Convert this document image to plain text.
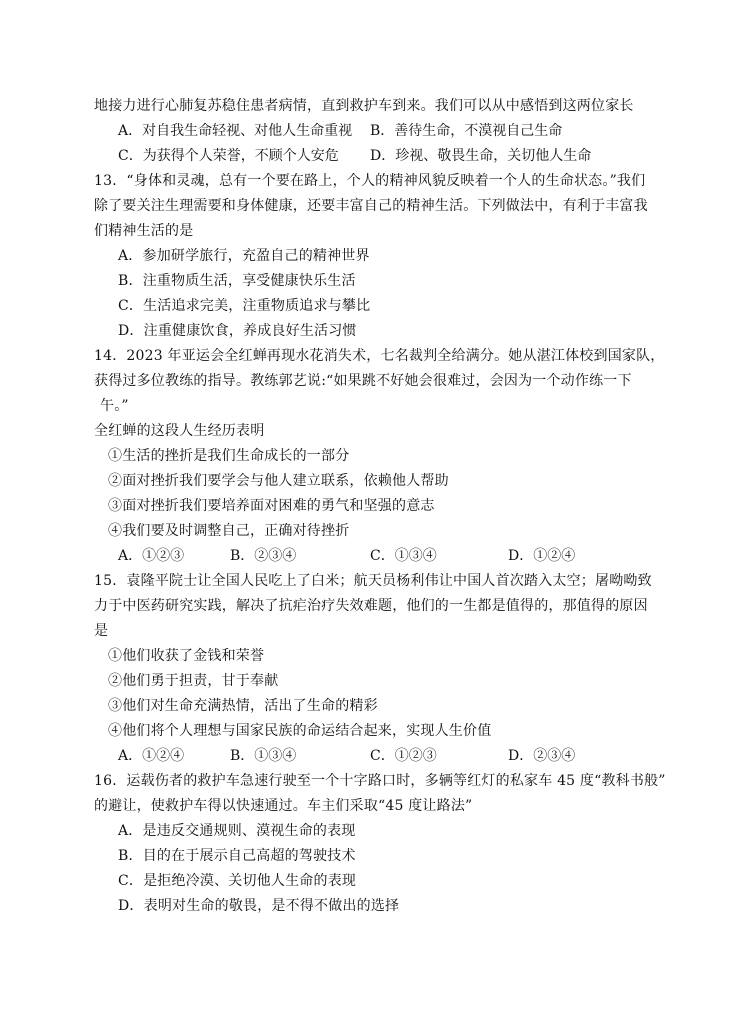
地接力进行心肺复苏稳住患者病情，直到救护车到来。我们可以从中感悟到这两位家长
A．对自我生命轻视、对他人生命重视 B．善待生命，不漠视自己生命
C．为获得个人荣誉，不顾个人安危 D．珍视、敬畏生命，关切他人生命
13．“身体和灵魂，总有一个要在路上，个人的精神风貌反映着一个人的生命状态。”我们
除了要关注生理需要和身体健康，还要丰富自己的精神生活。下列做法中，有利于丰富我
们精神生活的是
A．参加研学旅行，充盈自己的精神世界
B．注重物质生活，享受健康快乐生活
C．生活追求完美，注重物质追求与攀比
D．注重健康饮食，养成良好生活习惯
14．2023 年亚运会全红蝉再现水花消失术，七名裁判全给满分。她从湛江体校到国家队，
获得过多位教练的指导。教练郭艺说:“如果跳不好她会很难过，会因为一个动作练一下
午。”
全红蝉的这段人生经历表明
①生活的挫折是我们生命成长的一部分
②面对挫折我们要学会与他人建立联系，依赖他人帮助
③面对挫折我们要培养面对困难的勇气和坚强的意志
④我们要及时调整自己，正确对待挫折
A．①②③	B．②③④	C．①③④	D．①②④
15．袁隆平院士让全国人民吃上了白米；航天员杨利伟让中国人首次踏入太空；屠呦呦致
力于中医药研究实践，解决了抗疟治疗失效难题，他们的一生都是值得的，那值得的原因
是
①他们收获了金钱和荣誉
②他们勇于担责，甘于奉献
③他们对生命充满热情，活出了生命的精彩
④他们将个人理想与国家民族的命运结合起来，实现人生价值
A．①②④	B．①③④	C．①②③	D．②③④
16．运载伤者的救护车急速行驶至一个十字路口时，多辆等红灯的私家车 45 度“教科书般”
的避让，使救护车得以快速通过。车主们采取“45 度让路法”
A．是违反交通规则、漠视生命的表现
B．目的在于展示自己高超的驾驶技术
C．是拒绝冷漠、关切他人生命的表现
D．表明对生命的敬畏，是不得不做出的选择
